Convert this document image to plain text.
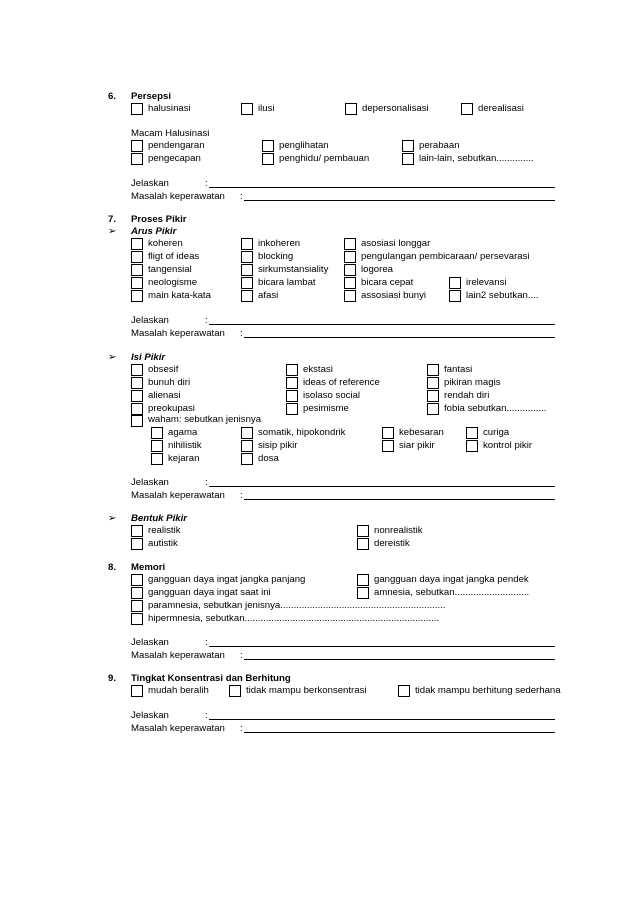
6. Persepsi
halusinasi	ilusi	depersonalisasi	derealisasi
Macam Halusinasi
pendengaran	penglihatan	perabaan
pengecapan	penghidu/ pembauan	lain-lain, sebutkan..............
Jelaskan	:
Masalah keperawatan :
7. Proses Pikir
➢ Arus Pikir
koheren	inkoheren	asosiasi longgar
fligt of ideas	blocking	pengulangan pembicaraan/ persevarasi
tangensial	sirkumstansiality	logorea
neologisme	bicara lambat	bicara cepat	irelevansi
main kata-kata	afasi	assosiasi bunyi	lain2 sebutkan....
Jelaskan	:
Masalah keperawatan :
➢ Isi Pikir
obsesif	ekstasi	fantasi
bunuh diri	ideas of reference	pikiran magis
alienasi	isolaso social	rendah diri
preokupasi	pesimisme	fobia sebutkan...............
waham: sebutkan jenisnya
agama	somatik, hipokondrik	kebesaran	curiga
nihilistik	sisip pikir	siar pikir	kontrol pikir
kejaran	dosa
Jelaskan	:
Masalah keperawatan :
➢ Bentuk Pikir
realistik	nonrealistik
autistik	dereistik
8. Memori
gangguan daya ingat jangka panjang	gangguan daya ingat jangka pendek
gangguan daya ingat saat ini	amnesia, sebutkan............................
paramnesia, sebutkan jenisnya..............................................................
hipermnesia, sebutkan.........................................................................
Jelaskan	:
Masalah keperawatan :
9. Tingkat Konsentrasi dan Berhitung
mudah beralih	tidak mampu berkonsentrasi	tidak mampu berhitung sederhana
Jelaskan	:
Masalah keperawatan :
